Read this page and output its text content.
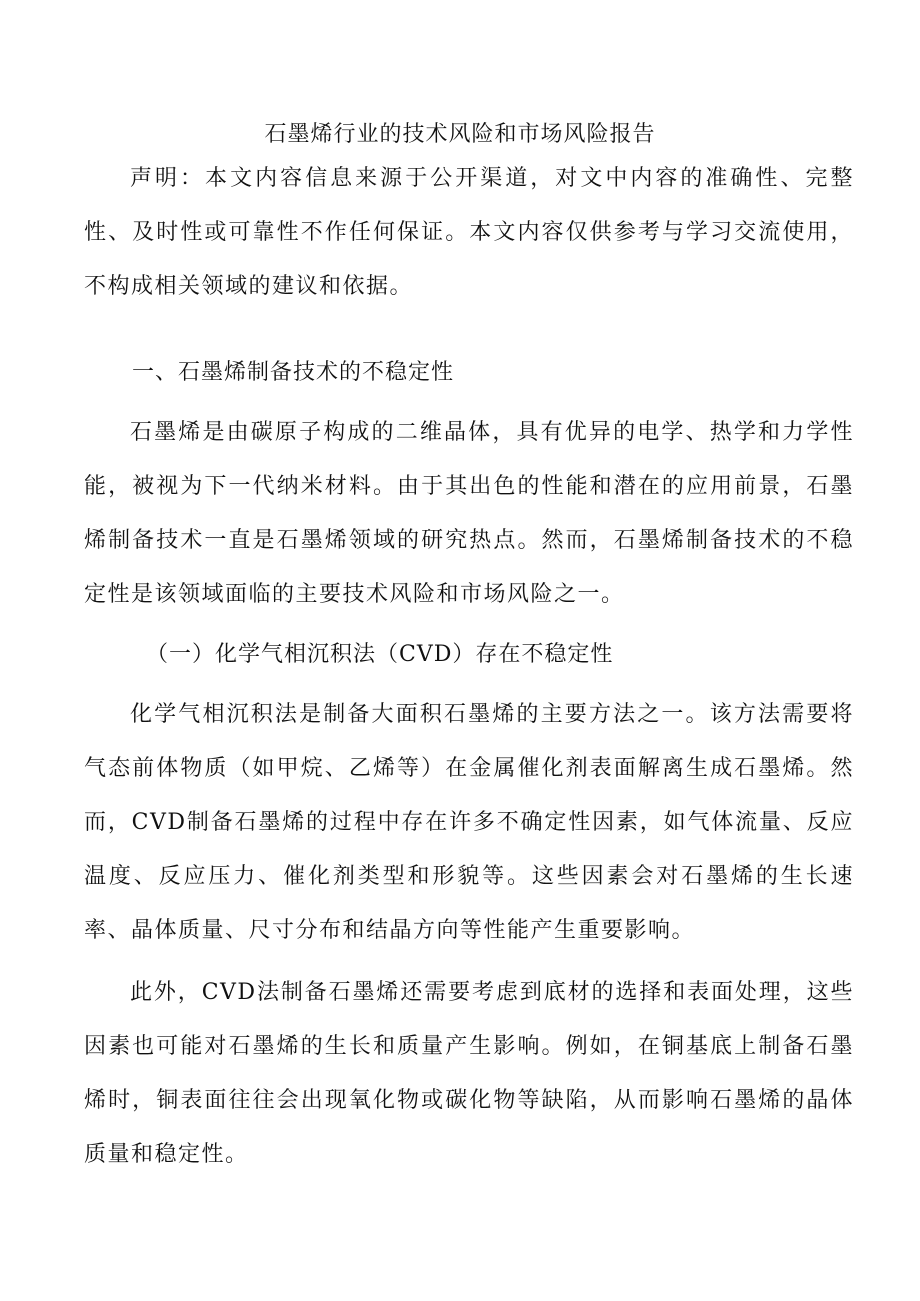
石墨烯行业的技术风险和市场风险报告

声明：本文内容信息来源于公开渠道，对文中内容的准确性、完整性、及时性或可靠性不作任何保证。本文内容仅供参考与学习交流使用，不构成相关领域的建议和依据。

一、石墨烯制备技术的不稳定性

石墨烯是由碳原子构成的二维晶体，具有优异的电学、热学和力学性能，被视为下一代纳米材料。由于其出色的性能和潜在的应用前景，石墨烯制备技术一直是石墨烯领域的研究热点。然而，石墨烯制备技术的不稳定性是该领域面临的主要技术风险和市场风险之一。

（一）化学气相沉积法（CVD）存在不稳定性

化学气相沉积法是制备大面积石墨烯的主要方法之一。该方法需要将气态前体物质（如甲烷、乙烯等）在金属催化剂表面解离生成石墨烯。然而，CVD制备石墨烯的过程中存在许多不确定性因素，如气体流量、反应温度、反应压力、催化剂类型和形貌等。这些因素会对石墨烯的生长速率、晶体质量、尺寸分布和结晶方向等性能产生重要影响。

此外，CVD法制备石墨烯还需要考虑到底材的选择和表面处理，这些因素也可能对石墨烯的生长和质量产生影响。例如，在铜基底上制备石墨烯时，铜表面往往会出现氧化物或碳化物等缺陷，从而影响石墨烯的晶体质量和稳定性。
